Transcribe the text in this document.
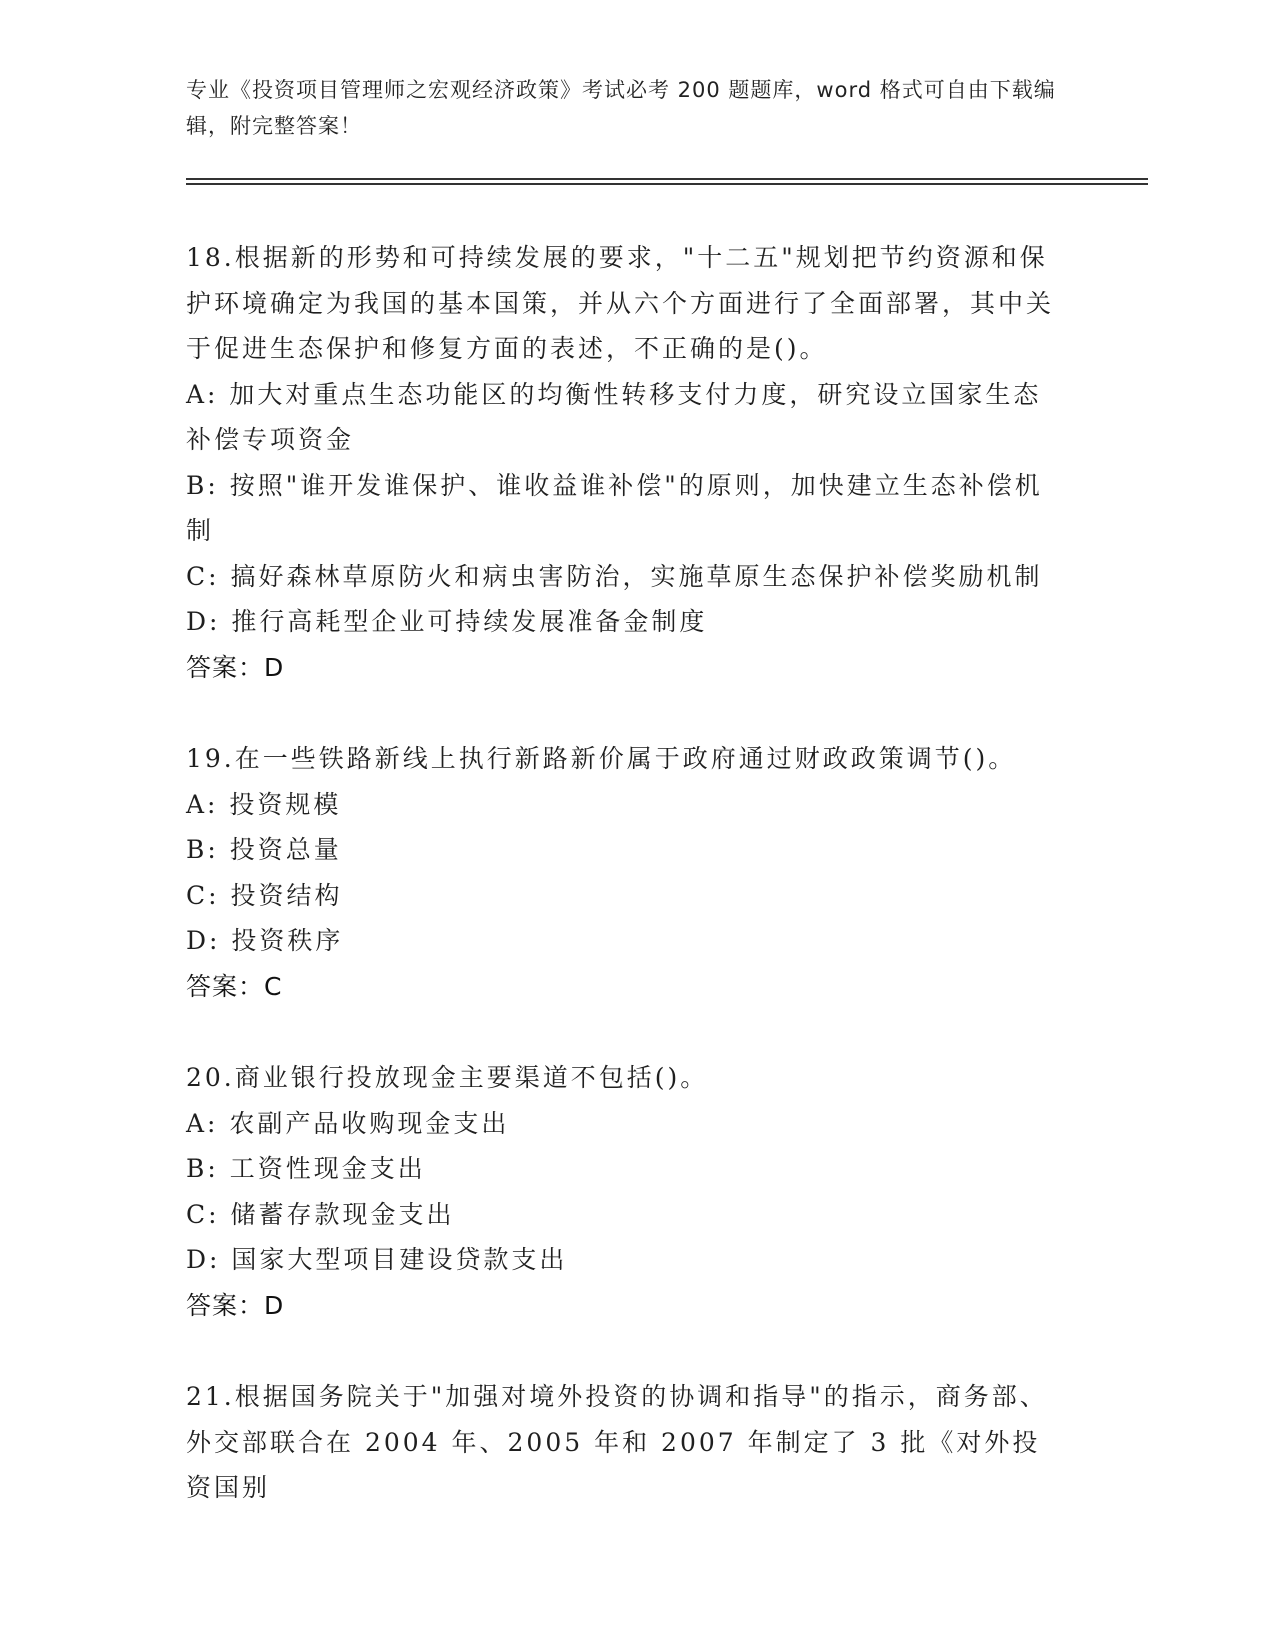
专业《投资项目管理师之宏观经济政策》考试必考 200 题题库，word 格式可自由下载编辑，附完整答案！
18.根据新的形势和可持续发展的要求，"十二五"规划把节约资源和保护环境确定为我国的基本国策，并从六个方面进行了全面部署，其中关于促进生态保护和修复方面的表述，不正确的是()。
A: 加大对重点生态功能区的均衡性转移支付力度，研究设立国家生态补偿专项资金
B: 按照"谁开发谁保护、谁收益谁补偿"的原则，加快建立生态补偿机制
C: 搞好森林草原防火和病虫害防治，实施草原生态保护补偿奖励机制
D: 推行高耗型企业可持续发展准备金制度
答案：D
19.在一些铁路新线上执行新路新价属于政府通过财政政策调节()。
A: 投资规模
B: 投资总量
C: 投资结构
D: 投资秩序
答案：C
20.商业银行投放现金主要渠道不包括()。
A: 农副产品收购现金支出
B: 工资性现金支出
C: 储蓄存款现金支出
D: 国家大型项目建设贷款支出
答案：D
21.根据国务院关于"加强对境外投资的协调和指导"的指示，商务部、外交部联合在 2004 年、2005 年和 2007 年制定了 3 批《对外投资国别
